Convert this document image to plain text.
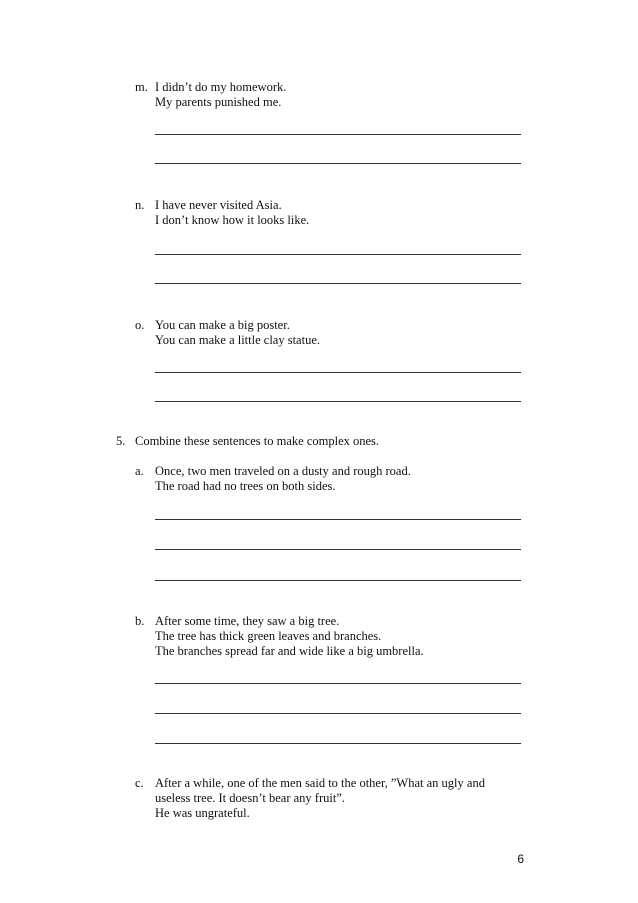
m. I didn’t do my homework.
My parents punished me.
n. I have never visited Asia.
I don’t know how it looks like.
o. You can make a big poster.
You can make a little clay statue.
5. Combine these sentences to make complex ones.
a. Once, two men traveled on a dusty and rough road.
The road had no trees on both sides.
b. After some time, they saw a big tree.
The tree has thick green leaves and branches.
The branches spread far and wide like a big umbrella.
c. After a while, one of the men said to the other, ”What an ugly and
useless tree. It doesn’t bear any fruit”.
He was ungrateful.
6
